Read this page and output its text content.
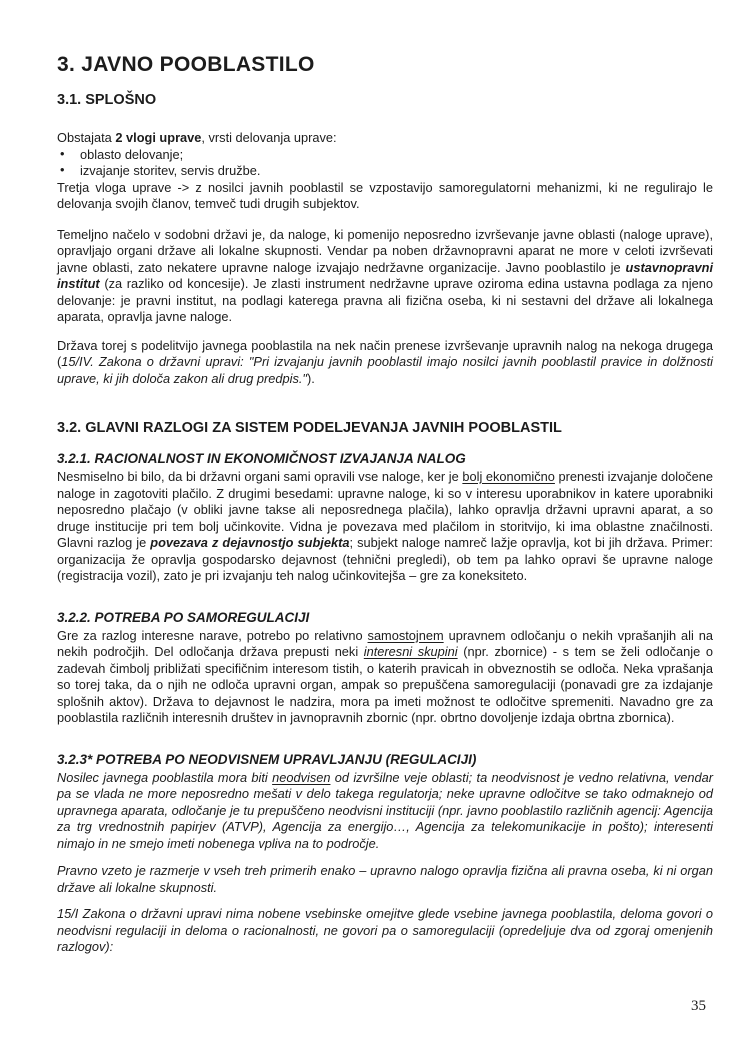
3. JAVNO POOBLASTILO
3.1. SPLOŠNO

Obstajata 2 vlogi uprave, vrsti delovanja uprave:

• oblasto delovanje;
• izvajanje storitev, servis družbe.

Tretja vloga uprave -> z nosilci javnih pooblastil se vzpostavijo samoregulatorni mehanizmi, ki ne regulirajo le delovanja svojih članov, temveč tudi drugih subjektov.

Temeljno načelo v sodobni državi je, da naloge, ki pomenijo neposredno izvrševanje javne oblasti (naloge uprave), opravljajo organi države ali lokalne skupnosti. Vendar pa noben državnopravni aparat ne more v celoti izvrševati javne oblasti, zato nekatere upravne naloge izvajajo nedržavne organizacije. Javno pooblastilo je ustavnopravni institut (za razliko od koncesije). Je zlasti instrument nedržavne uprave oziroma edina ustavna podlaga za njeno delovanje: je pravni institut, na podlagi katerega pravna ali fizična oseba, ki ni sestavni del države ali lokalnega aparata, opravlja javne naloge.

Država torej s podelitvijo javnega pooblastila na nek način prenese izvrševanje upravnih nalog na nekoga drugega (15/IV. Zakona o državni upravi: "Pri izvajanju javnih pooblastil imajo nosilci javnih pooblastil pravice in dolžnosti uprave, ki jih določa zakon ali drug predpis.").

3.2. GLAVNI RAZLOGI ZA SISTEM PODELJEVANJA JAVNIH POOBLASTIL
3.2.1. RACIONALNOST IN EKONOMIČNOST IZVAJANJA NALOG

Nesmiselno bi bilo, da bi državni organi sami opravili vse naloge, ker je bolj ekonomično prenesti izvajanje določene naloge in zagotoviti plačilo. Z drugimi besedami: upravne naloge, ki so v interesu uporabnikov in katere uporabniki neposredno plačajo (v obliki javne takse ali neposrednega plačila), lahko opravlja državni upravni aparat, a so druge institucije pri tem bolj učinkovite. Vidna je povezava med plačilom in storitvijo, ki ima oblastne značilnosti. Glavni razlog je povezava z dejavnostjo subjekta; subjekt naloge namreč lažje opravlja, kot bi jih država. Primer: organizacija že opravlja gospodarsko dejavnost (tehnični pregledi), ob tem pa lahko opravi še upravne naloge (registracija vozil), zato je pri izvajanju teh nalog učinkovitejša – gre za koneksiteto.

3.2.2. POTREBA PO SAMOREGULACIJI

Gre za razlog interesne narave, potrebo po relativno samostojnem upravnem odločanju o nekih vprašanjih ali na nekih področjih. Del odločanja država prepusti neki interesni skupini (npr. zbornice) - s tem se želi odločanje o zadevah čimbolj približati specifičnim interesom tistih, o katerih pravicah in obveznostih se odloča. Neka vprašanja so torej taka, da o njih ne odloča upravni organ, ampak so prepuščena samoregulaciji (ponavadi gre za izdajanje splošnih aktov). Država to dejavnost le nadzira, mora pa imeti možnost te odločitve spremeniti. Navadno gre za pooblastila različnih interesnih društev in javnopravnih zbornic (npr. obrtno dovoljenje izdaja obrtna zbornica).

3.2.3* POTREBA PO NEODVISNEM UPRAVLJANJU (REGULACIJI)

Nosilec javnega pooblastila mora biti neodvisen od izvršilne veje oblasti; ta neodvisnost je vedno relativna, vendar pa se vlada ne more neposredno mešati v delo takega regulatorja; neke upravne odločitve se tako odmaknejo od upravnega aparata, odločanje je tu prepuščeno neodvisni instituciji (npr. javno pooblastilo različnih agencij: Agencija za trg vrednostnih papirjev (ATVP), Agencija za energijo…, Agencija za telekomunikacije in pošto); interesenti nimajo in ne smejo imeti nobenega vpliva na to področje.

Pravno vzeto je razmerje v vseh treh primerih enako – upravno nalogo opravlja fizična ali pravna oseba, ki ni organ države ali lokalne skupnosti.

15/I Zakona o državni upravi nima nobene vsebinske omejitve glede vsebine javnega pooblastila, deloma govori o neodvisni regulaciji in deloma o racionalnosti, ne govori pa o samoregulaciji (opredeljuje dva od zgoraj omenjenih razlogov):

35
